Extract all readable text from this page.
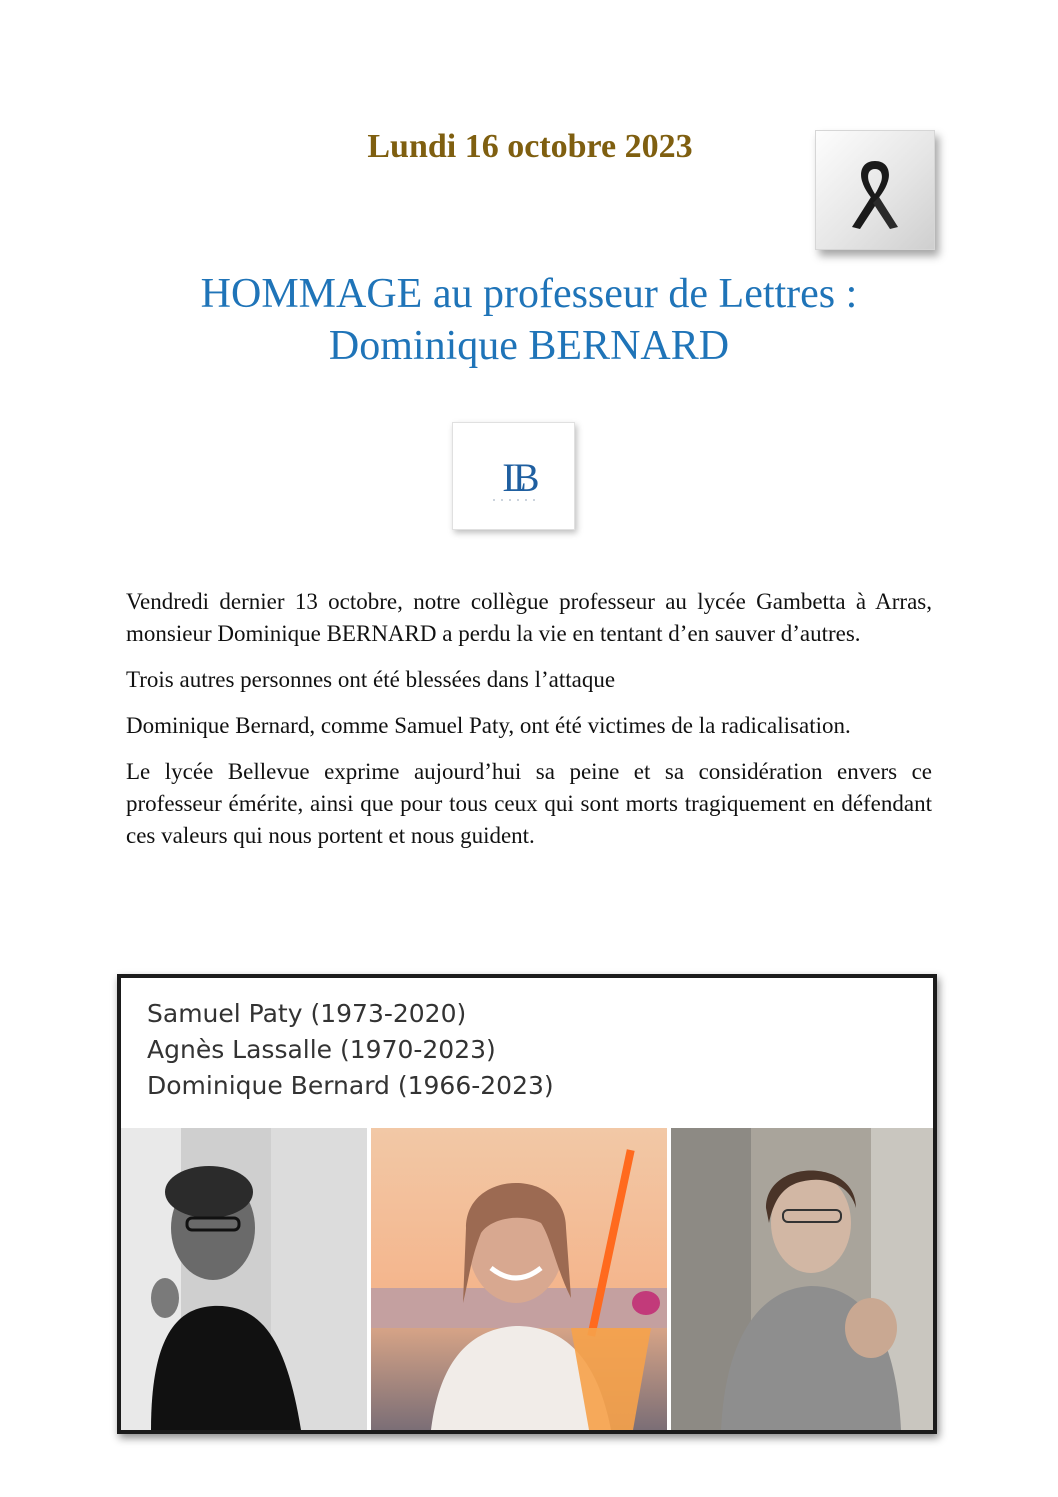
Lundi 16 octobre 2023
HOMMAGE au professeur de Lettres :
Dominique BERNARD
LB

Vendredi dernier 13 octobre, notre collègue professeur au lycée Gambetta à Arras, monsieur Dominique BERNARD a perdu la vie en tentant d’en sauver d’autres.

Trois autres personnes ont été blessées dans l’attaque

Dominique Bernard, comme Samuel Paty, ont été victimes de la radicalisation.

Le lycée Bellevue exprime aujourd’hui sa peine et sa considération envers ce professeur émérite, ainsi que pour tous ceux qui sont morts tragiquement en défendant ces valeurs qui nous portent et nous guident.

Samuel Paty (1973-2020)
Agnès Lassalle (1970-2023)
Dominique Bernard (1966-2023)
